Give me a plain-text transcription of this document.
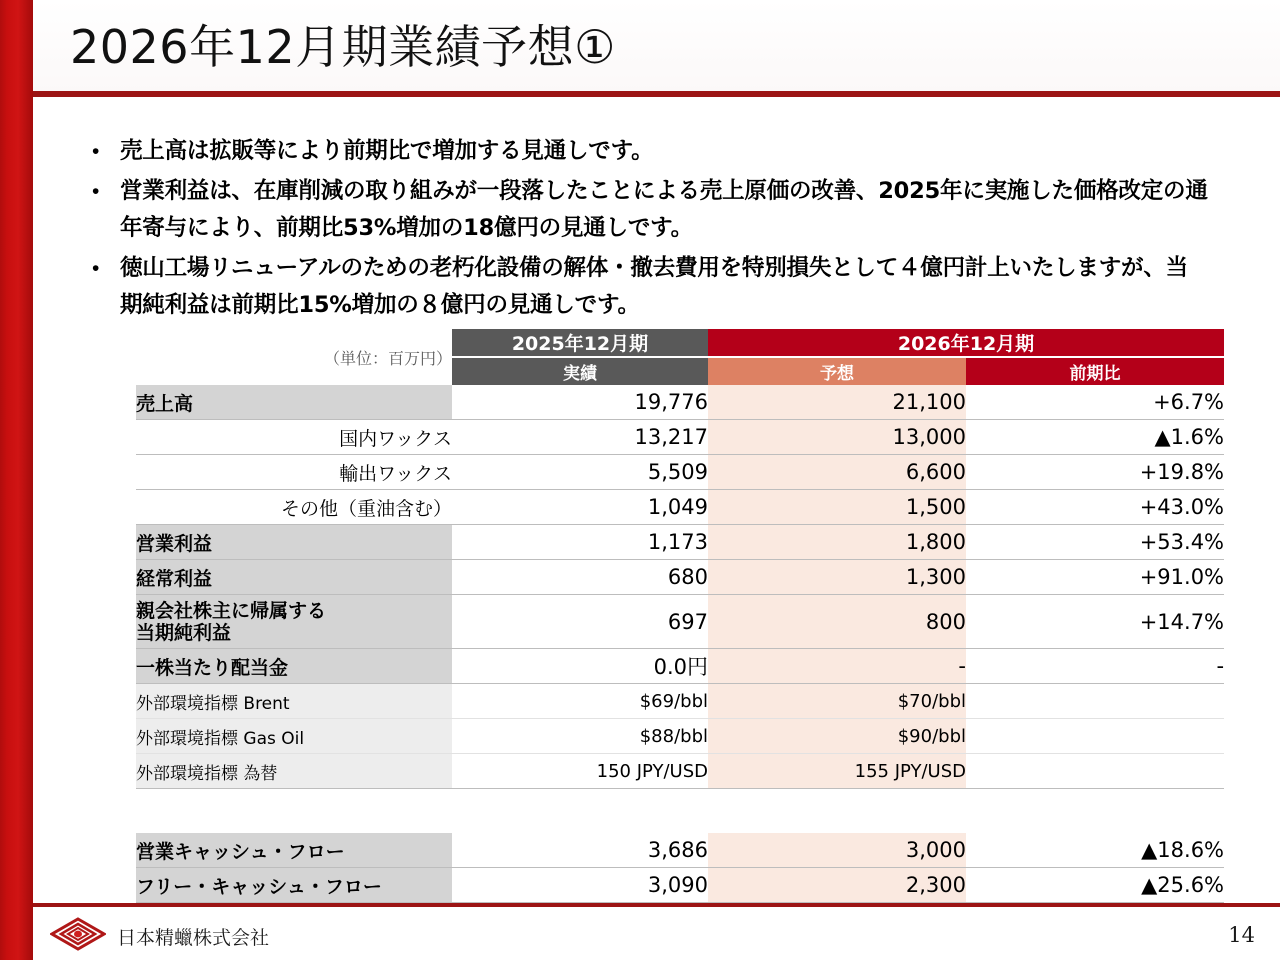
2026年12月期業績予想①
• 売上高は拡販等により前期比で増加する見通しです。
• 営業利益は、在庫削減の取り組みが一段落したことによる売上原価の改善、2025年に実施した価格改定の通年寄与により、前期比53%増加の18億円の見通しです。
• 徳山工場リニューアルのための老朽化設備の解体・撤去費用を特別損失として４億円計上いたしますが、当期純利益は前期比15%増加の８億円の見通しです。
（単位：百万円）	2025年12月期	2026年12月期	
	実績	予想	前期比
売上高	19,776	21,100	+6.7%
国内ワックス	13,217	13,000	▲1.6%
輸出ワックス	5,509	6,600	+19.8%
その他（重油含む）	1,049	1,500	+43.0%
営業利益	1,173	1,800	+53.4%
経常利益	680	1,300	+91.0%

親会社株主に帰属する
当期純利益	697	800	+14.7%
一株当たり配当金	0.0円	-	-
外部環境指標 Brent	$69/bbl	$70/bbl	
外部環境指標 Gas Oil	$88/bbl	$90/bbl	
外部環境指標 為替	150 JPY/USD	155 JPY/USD	

営業キャッシュ・フロー	3,686	3,000	▲18.6%
フリー・キャッシュ・フロー	3,090	2,300	▲25.6%
日本精蠟株式会社	14
